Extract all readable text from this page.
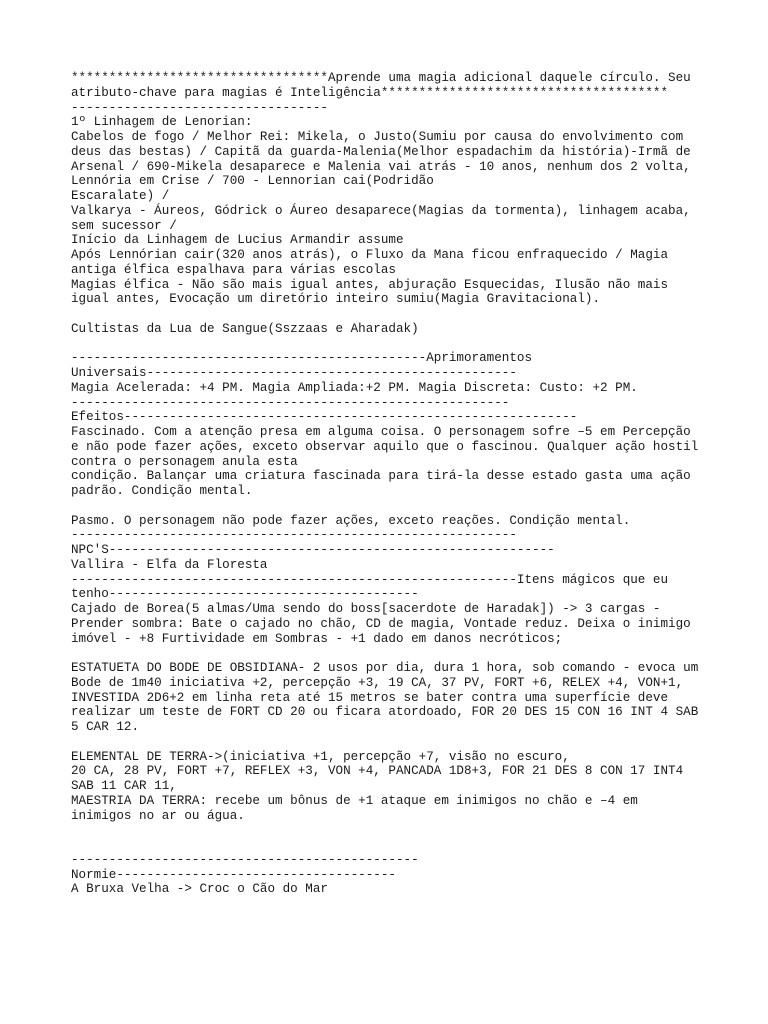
**********************************Aprende uma magia adicional daquele círculo. Seu

atributo-chave para magias é Inteligência**************************************

----------------------------------

1º Linhagem de Lenorian:

Cabelos de fogo / Melhor Rei: Mikela, o Justo(Sumiu por causa do envolvimento com

deus das bestas) / Capitã da guarda-Malenia(Melhor espadachim da história)-Irmã de

Arsenal / 690-Mikela desaparece e Malenia vai atrás - 10 anos, nenhum dos 2 volta,

Lennória em Crise / 700 - Lennorian cai(Podridão

Escaralate) /

Valkarya - Áureos, Gódrick o Áureo desaparece(Magias da tormenta), linhagem acaba,

sem sucessor /

Início da Linhagem de Lucius Armandir assume

Após Lennórian cair(320 anos atrás), o Fluxo da Mana ficou enfraquecido / Magia

antiga élfica espalhava para várias escolas

Magias élfica - Não são mais igual antes, abjuração Esquecidas, Ilusão não mais

igual antes, Evocação um diretório inteiro sumiu(Magia Gravitacional).

Cultistas da Lua de Sangue(Sszzaas e Aharadak)

-----------------------------------------------Aprimoramentos

Universais-------------------------------------------------

Magia Acelerada: +4 PM. Magia Ampliada:+2 PM. Magia Discreta: Custo: +2 PM.

----------------------------------------------------------

Efeitos------------------------------------------------------------

Fascinado. Com a atenção presa em alguma coisa. O personagem sofre –5 em Percepção

e não pode fazer ações, exceto observar aquilo que o fascinou. Qualquer ação hostil

contra o personagem anula esta

condição. Balançar uma criatura fascinada para tirá-la desse estado gasta uma ação

padrão. Condição mental.

Pasmo. O personagem não pode fazer ações, exceto reações. Condição mental.

-----------------------------------------------------------

NPC'S-----------------------------------------------------------

Vallira - Elfa da Floresta

-----------------------------------------------------------Itens mágicos que eu

tenho-----------------------------------------

Cajado de Borea(5 almas/Uma sendo do boss[sacerdote de Haradak]) -> 3 cargas -

Prender sombra: Bate o cajado no chão, CD de magia, Vontade reduz. Deixa o inimigo

imóvel - +8 Furtividade em Sombras - +1 dado em danos necróticos;

ESTATUETA DO BODE DE OBSIDIANA- 2 usos por dia, dura 1 hora, sob comando - evoca um

Bode de 1m40 iniciativa +2, percepção +3, 19 CA, 37 PV, FORT +6, RELEX +4, VON+1,

INVESTIDA 2D6+2 em linha reta até 15 metros se bater contra uma superfície deve

realizar um teste de FORT CD 20 ou ficara atordoado, FOR 20 DES 15 CON 16 INT 4 SAB

5 CAR 12.

ELEMENTAL DE TERRA->(iniciativa +1, percepção +7, visão no escuro,

20 CA, 28 PV, FORT +7, REFLEX +3, VON +4, PANCADA 1D8+3, FOR 21 DES 8 CON 17 INT4

SAB 11 CAR 11,

MAESTRIA DA TERRA: recebe um bônus de +1 ataque em inimigos no chão e –4 em

inimigos no ar ou água.

----------------------------------------------

Normie-------------------------------------

A Bruxa Velha -> Croc o Cão do Mar
